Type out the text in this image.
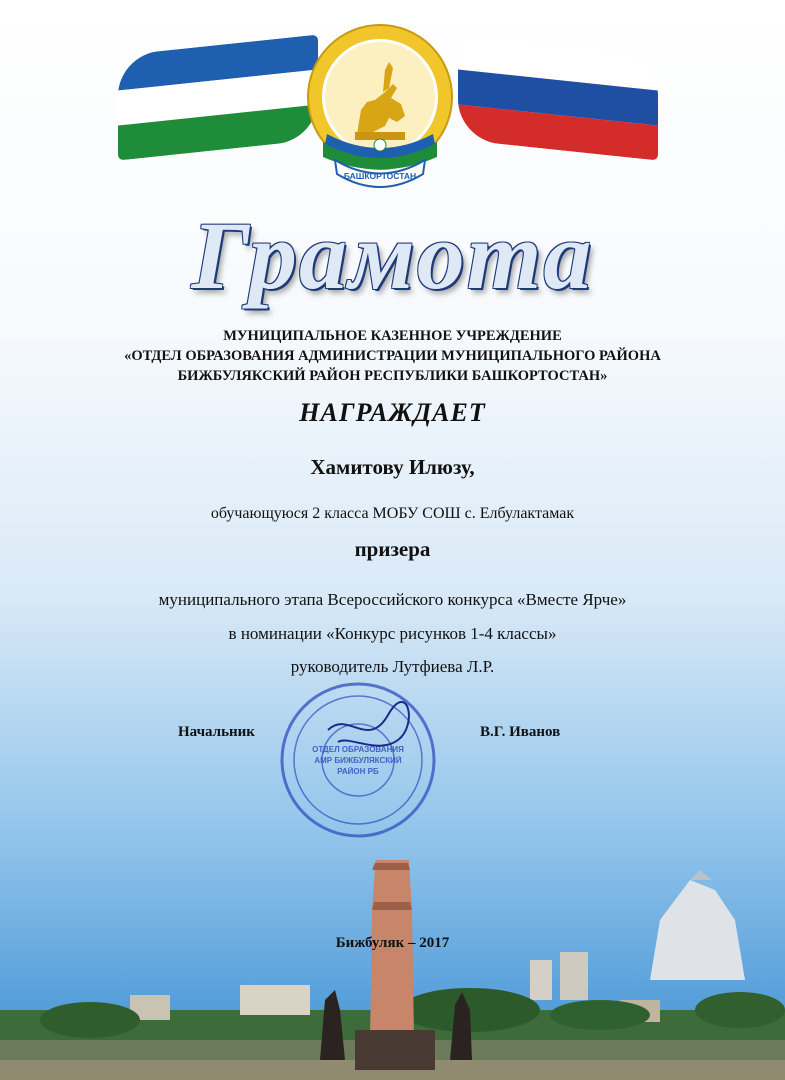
БАШКОРТОСТАН
Грамота
МУНИЦИПАЛЬНОЕ КАЗЕННОЕ УЧРЕЖДЕНИЕ
«ОТДЕЛ ОБРАЗОВАНИЯ АДМИНИСТРАЦИИ МУНИЦИПАЛЬНОГО РАЙОНА
БИЖБУЛЯКСКИЙ РАЙОН РЕСПУБЛИКИ БАШКОРТОСТАН»
НАГРАЖДАЕТ
Хамитову Илюзу,
обучающуюся 2 класса МОБУ СОШ с. Елбулактамак
призера
муниципального этапа Всероссийского конкурса «Вместе Ярче»
в номинации «Конкурс рисунков 1-4 классы»
руководитель Лутфиева Л.Р.
ОТДЕЛ ОБРАЗОВАНИЯ
АМР БИЖБУЛЯКСКИЙ
РАЙОН РБ
Начальник	В.Г. Иванов
Бижбуляк – 2017
